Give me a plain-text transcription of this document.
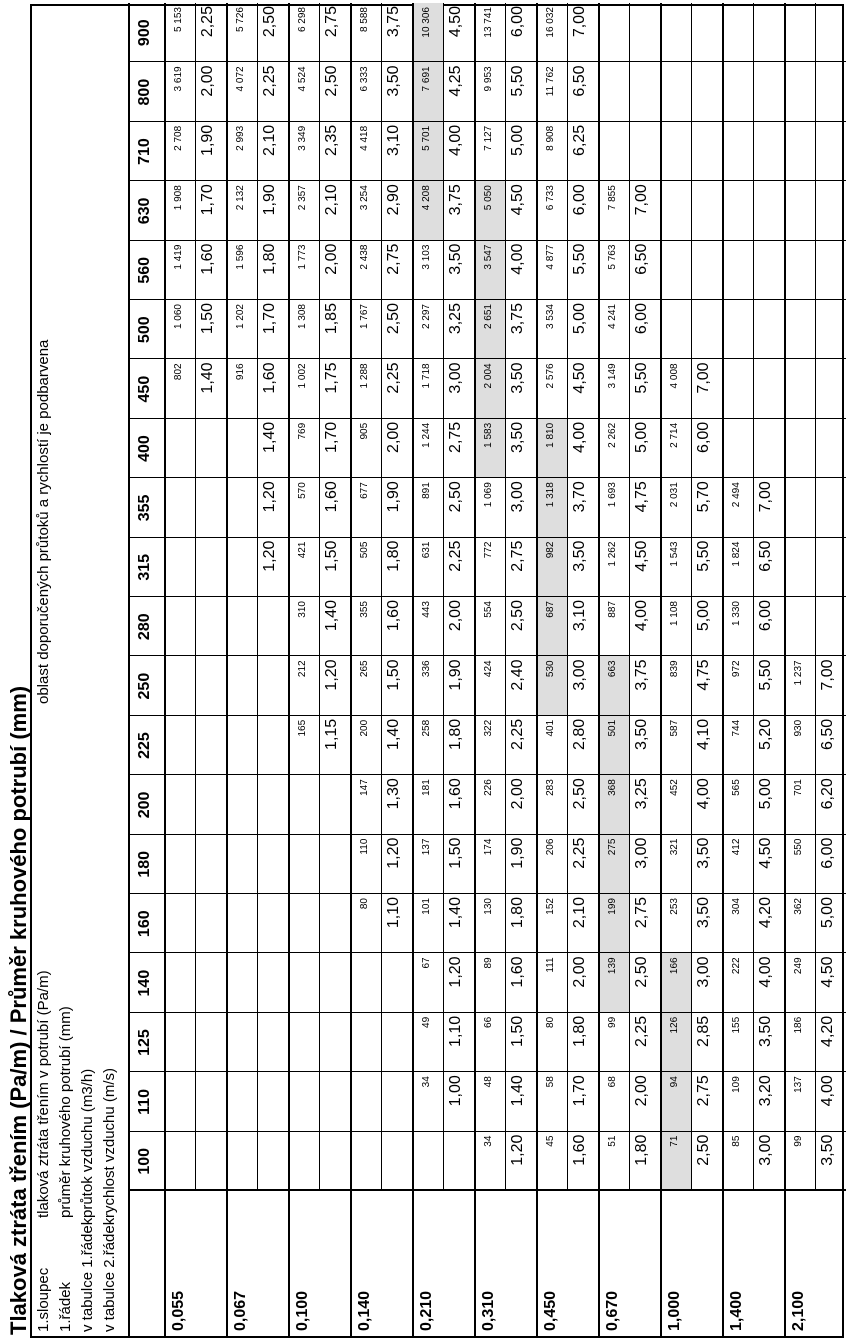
Tlaková ztráta třením (Pa/m) / Průměr kruhového potrubí (mm) 1.sloupec
tlaková ztráta třením v potrubí (Pa/m)
1.řádek
průměr kruhového potrubí (mm)
v tabulce 1.řádek
průtok vzduchu (m3/h)
v tabulce 2.řádek
rychlost vzduchu (m/s)
oblast doporučených průtoků a rychlostí je podbarvena
100
110
125
140
160
180
200
225
250
280
315
355
400
450
500
560
630
710
800
900
0,055
802 1,40
1 060 1,50
1 419 1,60
1 908 1,70
2 708 1,90
3 619 2,00
5 153 2,25
0,067
1,20
1,20
1,40
916 1,60
1 202 1,70
1 596 1,80
2 132 1,90
2 993 2,10
4 072 2,25
5 726 2,50
0,100
165 1,15
212 1,20
310 1,40
421 1,50
570 1,60
769 1,70
1 002 1,75
1 308 1,85
1 773 2,00
2 357 2,10
3 349 2,35
4 524 2,50
6 298 2,75
0,140
80 1,10
110 1,20
147 1,30
200 1,40
265 1,50
355 1,60
505 1,80
677 1,90
905 2,00
1 288 2,25
1 767 2,50
2 438 2,75
3 254 2,90
4 418 3,10
6 333 3,50
8 588 3,75
0,210
34 1,00
49 1,10
67 1,20
101 1,40
137 1,50
181 1,60
258 1,80
336 1,90
443 2,00
631 2,25
891 2,50
1 244 2,75
1 718 3,00
2 297 3,25
3 103 3,50
4 208 3,75
5 701 4,00
7 691 4,25
10 306 4,50
0,310
34 1,20
48 1,40
66 1,50
89 1,60
130 1,80
174 1,90
226 2,00
322 2,25
424 2,40
554 2,50
772 2,75
1 069 3,00
1 583 3,50
2 004 3,50
2 651 3,75
3 547 4,00
5 050 4,50
7 127 5,00
9 953 5,50
13 741 6,00
0,450
45 1,60
58 1,70
80 1,80
111 2,00
152 2,10
206 2,25
283 2,50
401 2,80
530 3,00
687 3,10
982 3,50
1 318 3,70
1 810 4,00
2 576 4,50
3 534 5,00
4 877 5,50
6 733 6,00
8 908 6,25
11 762 6,50
16 032 7,00
0,670
51 1,80
68 2,00
99 2,25
139 2,50
199 2,75
275 3,00
368 3,25
501 3,50
663 3,75
887 4,00
1 262 4,50
1 693 4,75
2 262 5,00
3 149 5,50
4 241 6,00
5 763 6,50
7 855 7,00
1,000
71 2,50
94 2,75
126 2,85
166 3,00
253 3,50
321 3,50
452 4,00
587 4,10
839 4,75
1 108 5,00
1 543 5,50
2 031 5,70
2 714 6,00
4 008 7,00
1,400
85 3,00
109 3,20
155 3,50
222 4,00
304 4,20
412 4,50
565 5,00
744 5,20
972 5,50
1 330 6,00
1 824 6,50
2 494 7,00
2,100
99 3,50
137 4,00
186 4,20
249 4,50
362 5,00
550 6,00
701 6,20
930 6,50
1 237 7,00
